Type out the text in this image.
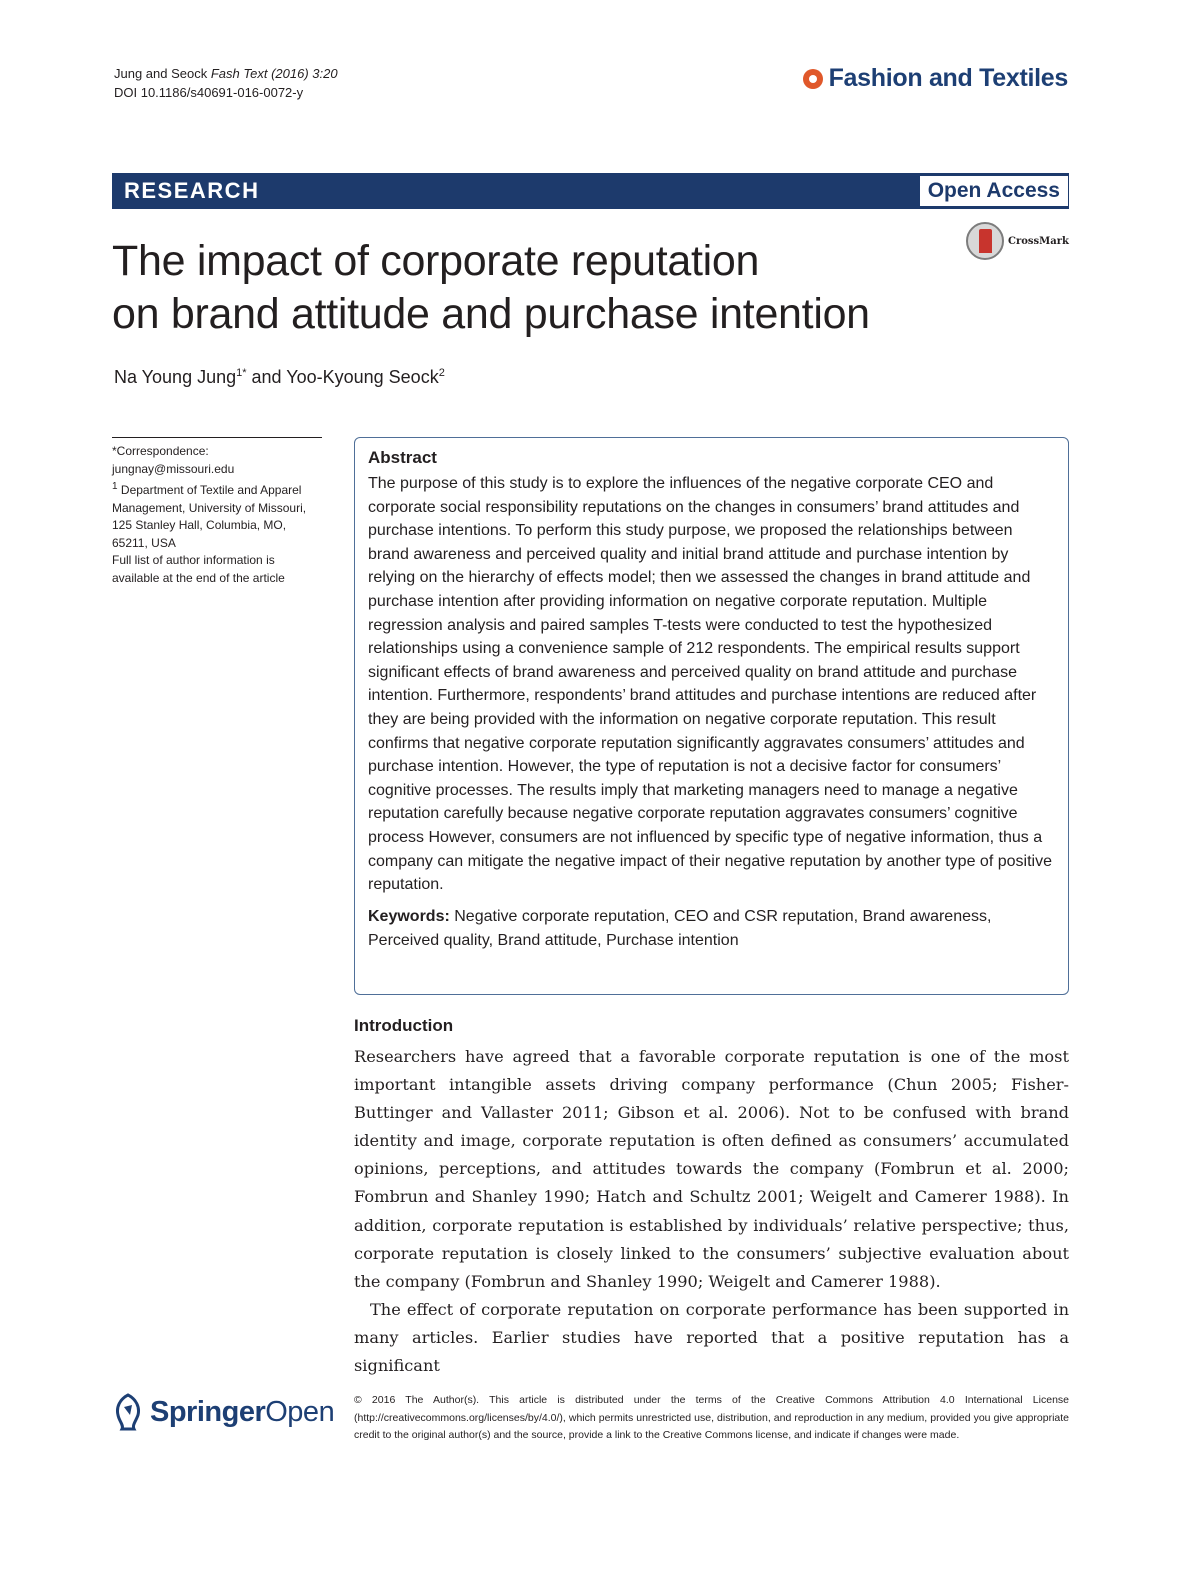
Jung and Seock Fash Text (2016) 3:20
DOI 10.1186/s40691-016-0072-y
Fashion and Textiles
RESEARCH	Open Access
CrossMark
The impact of corporate reputation
on brand attitude and purchase intention
Na Young Jung$^{1*}$ and Yoo-Kyoung Seock$^2$

*Correspondence:

jungnay@missouri.edu

$^1$ Department of Textile and Apparel Management, University of Missouri, 125 Stanley Hall, Columbia, MO, 65211, USA

Full list of author information is available at the end of the article

Abstract
The purpose of this study is to explore the influences of the negative corporate CEO and corporate social responsibility reputations on the changes in consumers’ brand attitudes and purchase intentions. To perform this study purpose, we proposed the relationships between brand awareness and perceived quality and initial brand attitude and purchase intention by relying on the hierarchy of effects model; then we assessed the changes in brand attitude and purchase intention after providing information on negative corporate reputation. Multiple regression analysis and paired samples T-tests were conducted to test the hypothesized relationships using a convenience sample of 212 respondents. The empirical results support significant effects of brand awareness and perceived quality on brand attitude and purchase intention. Furthermore, respondents’ brand attitudes and purchase intentions are reduced after they are being provided with the information on negative corporate reputation. This result confirms that negative corporate reputation significantly aggravates consumers’ attitudes and purchase intention. However, the type of reputation is not a decisive factor for consumers’ cognitive processes. The results imply that marketing managers need to manage a negative reputation carefully because negative corporate reputation aggravates consumers’ cognitive process However, consumers are not influenced by specific type of negative information, thus a company can mitigate the negative impact of their negative reputation by another type of positive reputation.
Keywords: Negative corporate reputation, CEO and CSR reputation, Brand awareness, Perceived quality, Brand attitude, Purchase intention
Introduction

Researchers have agreed that a favorable corporate reputation is one of the most important intangible assets driving company performance (Chun 2005; Fisher-Buttinger and Vallaster 2011; Gibson et al. 2006). Not to be confused with brand identity and image, corporate reputation is often defined as consumers’ accumulated opinions, perceptions, and attitudes towards the company (Fombrun et al. 2000; Fombrun and Shanley 1990; Hatch and Schultz 2001; Weigelt and Camerer 1988). In addition, corporate reputation is established by individuals’ relative perspective; thus, corporate reputation is closely linked to the consumers’ subjective evaluation about the company (Fombrun and Shanley 1990; Weigelt and Camerer 1988).

The effect of corporate reputation on corporate performance has been supported in many articles. Earlier studies have reported that a positive reputation has a significant

SpringerOpen © 2016 The Author(s). This article is distributed under the terms of the Creative Commons Attribution 4.0 International License (http://creativecommons.org/licenses/by/4.0/), which permits unrestricted use, distribution, and reproduction in any medium, provided you give appropriate credit to the original author(s) and the source, provide a link to the Creative Commons license, and indicate if changes were made.
